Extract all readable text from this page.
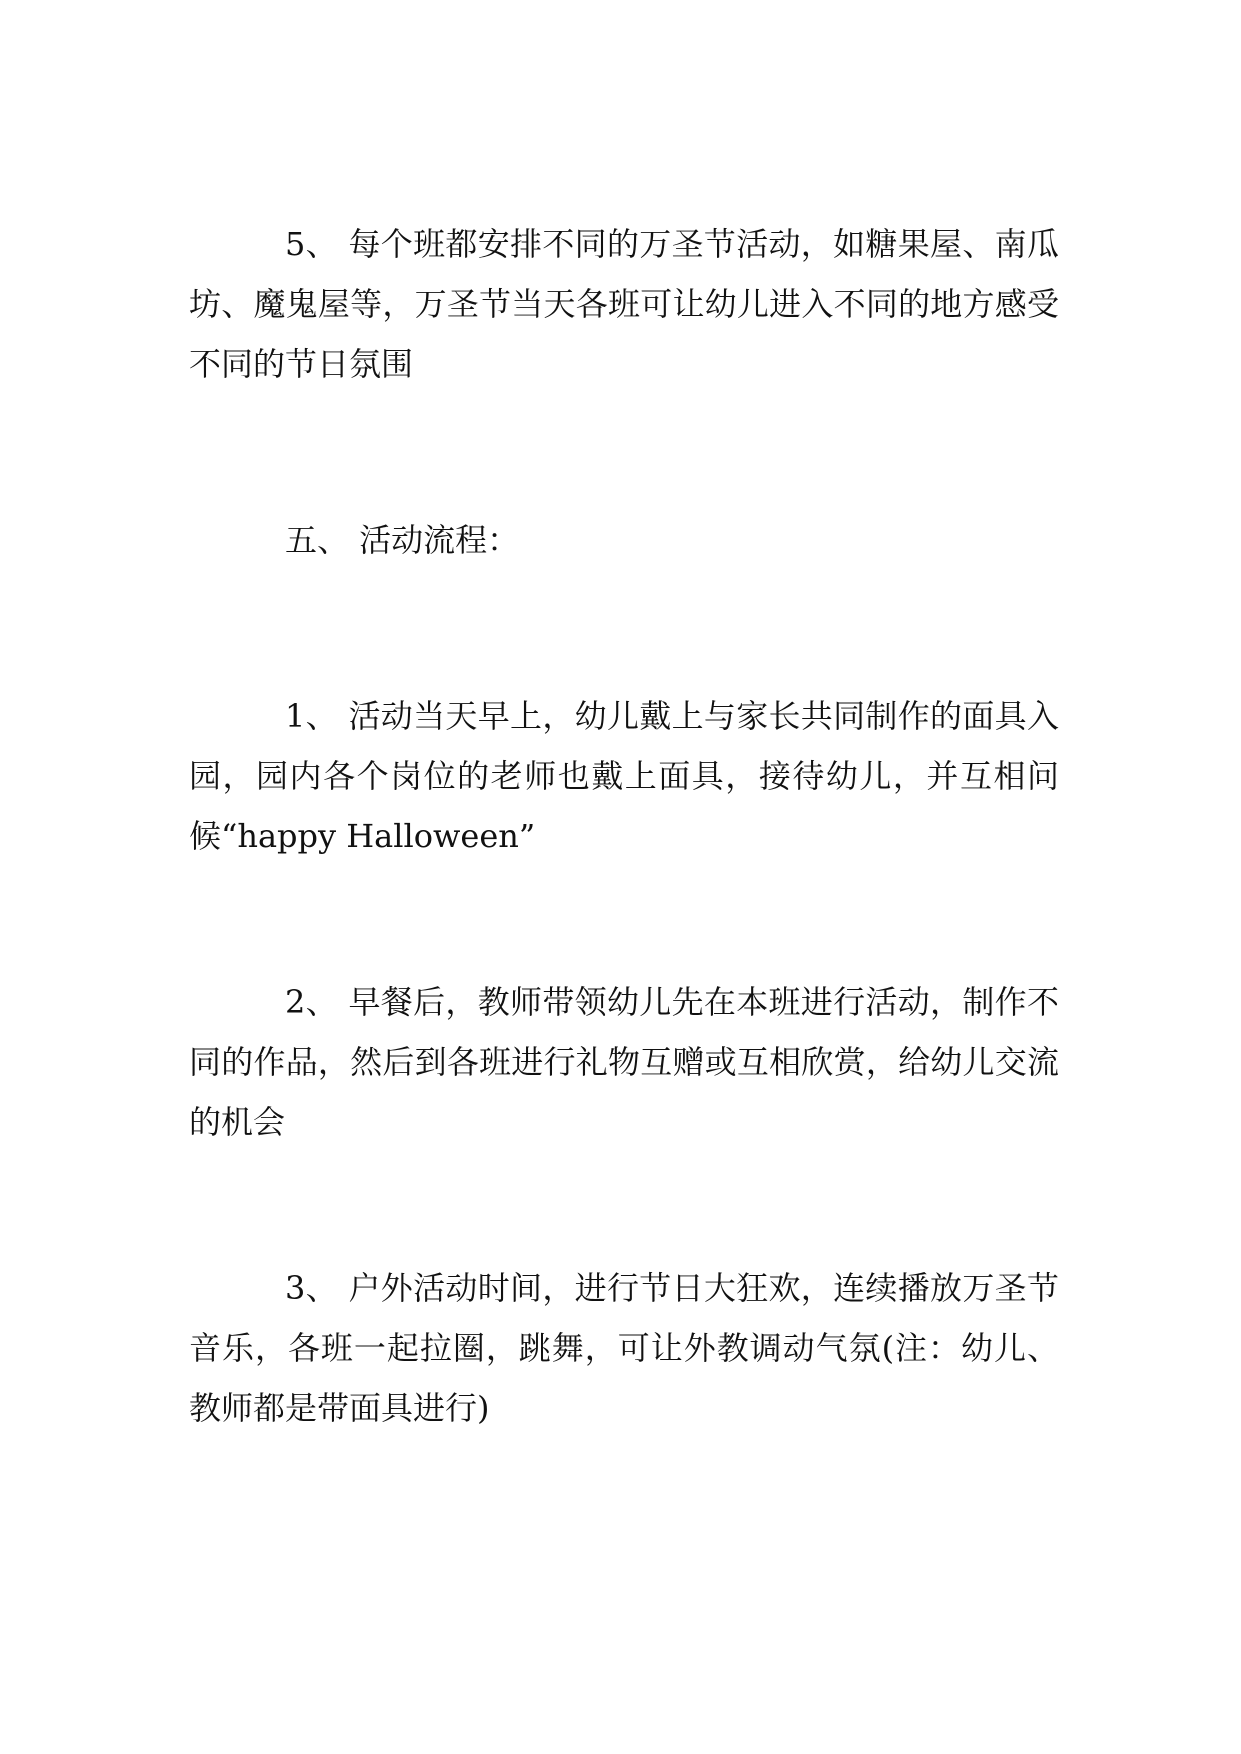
5、 每个班都安排不同的万圣节活动，如糖果屋、南瓜坊、魔鬼屋等，万圣节当天各班可让幼儿进入不同的地方感受不同的节日氛围

五、 活动流程：

1、 活动当天早上，幼儿戴上与家长共同制作的面具入园，园内各个岗位的老师也戴上面具，接待幼儿，并互相问候“happy Halloween”

2、 早餐后，教师带领幼儿先在本班进行活动，制作不同的作品，然后到各班进行礼物互赠或互相欣赏，给幼儿交流的机会

3、 户外活动时间，进行节日大狂欢，连续播放万圣节音乐，各班一起拉圈，跳舞，可让外教调动气氛(注：幼儿、教师都是带面具进行)
